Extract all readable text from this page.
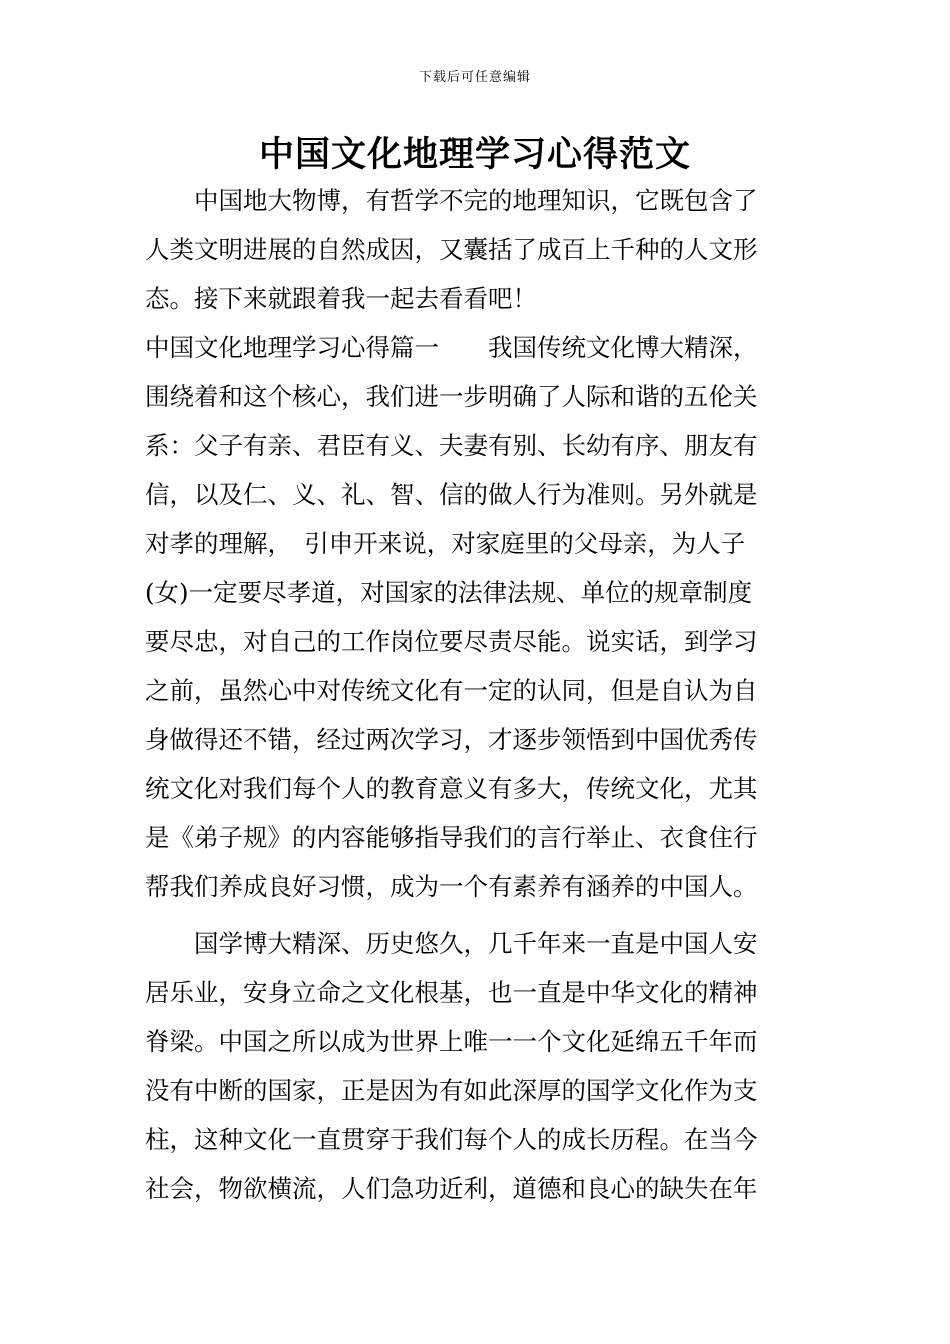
下载后可任意编辑
中国文化地理学习心得范文
　　中国地大物博，有哲学不完的地理知识，它既包含了
人类文明进展的自然成因，又囊括了成百上千种的人文形
态。接下来就跟着我一起去看看吧！
中国文化地理学习心得篇一　　我国传统文化博大精深，
围绕着和这个核心，我们进一步明确了人际和谐的五伦关
系：父子有亲、君臣有义、夫妻有别、长幼有序、朋友有
信，以及仁、义、礼、智、信的做人行为准则。另外就是
对孝的理解，　引申开来说，对家庭里的父母亲，为人子
(女)一定要尽孝道，对国家的法律法规、单位的规章制度
要尽忠，对自己的工作岗位要尽责尽能。说实话，到学习
之前，虽然心中对传统文化有一定的认同，但是自认为自
身做得还不错，经过两次学习，才逐步领悟到中国优秀传
统文化对我们每个人的教育意义有多大，传统文化，尤其
是《弟子规》的内容能够指导我们的言行举止、衣食住行
帮我们养成良好习惯，成为一个有素养有涵养的中国人。
　　国学博大精深、历史悠久，几千年来一直是中国人安
居乐业，安身立命之文化根基，也一直是中华文化的精神
脊梁。中国之所以成为世界上唯一一个文化延绵五千年而
没有中断的国家，正是因为有如此深厚的国学文化作为支
柱，这种文化一直贯穿于我们每个人的成长历程。在当今
社会，物欲横流，人们急功近利，道德和良心的缺失在年
